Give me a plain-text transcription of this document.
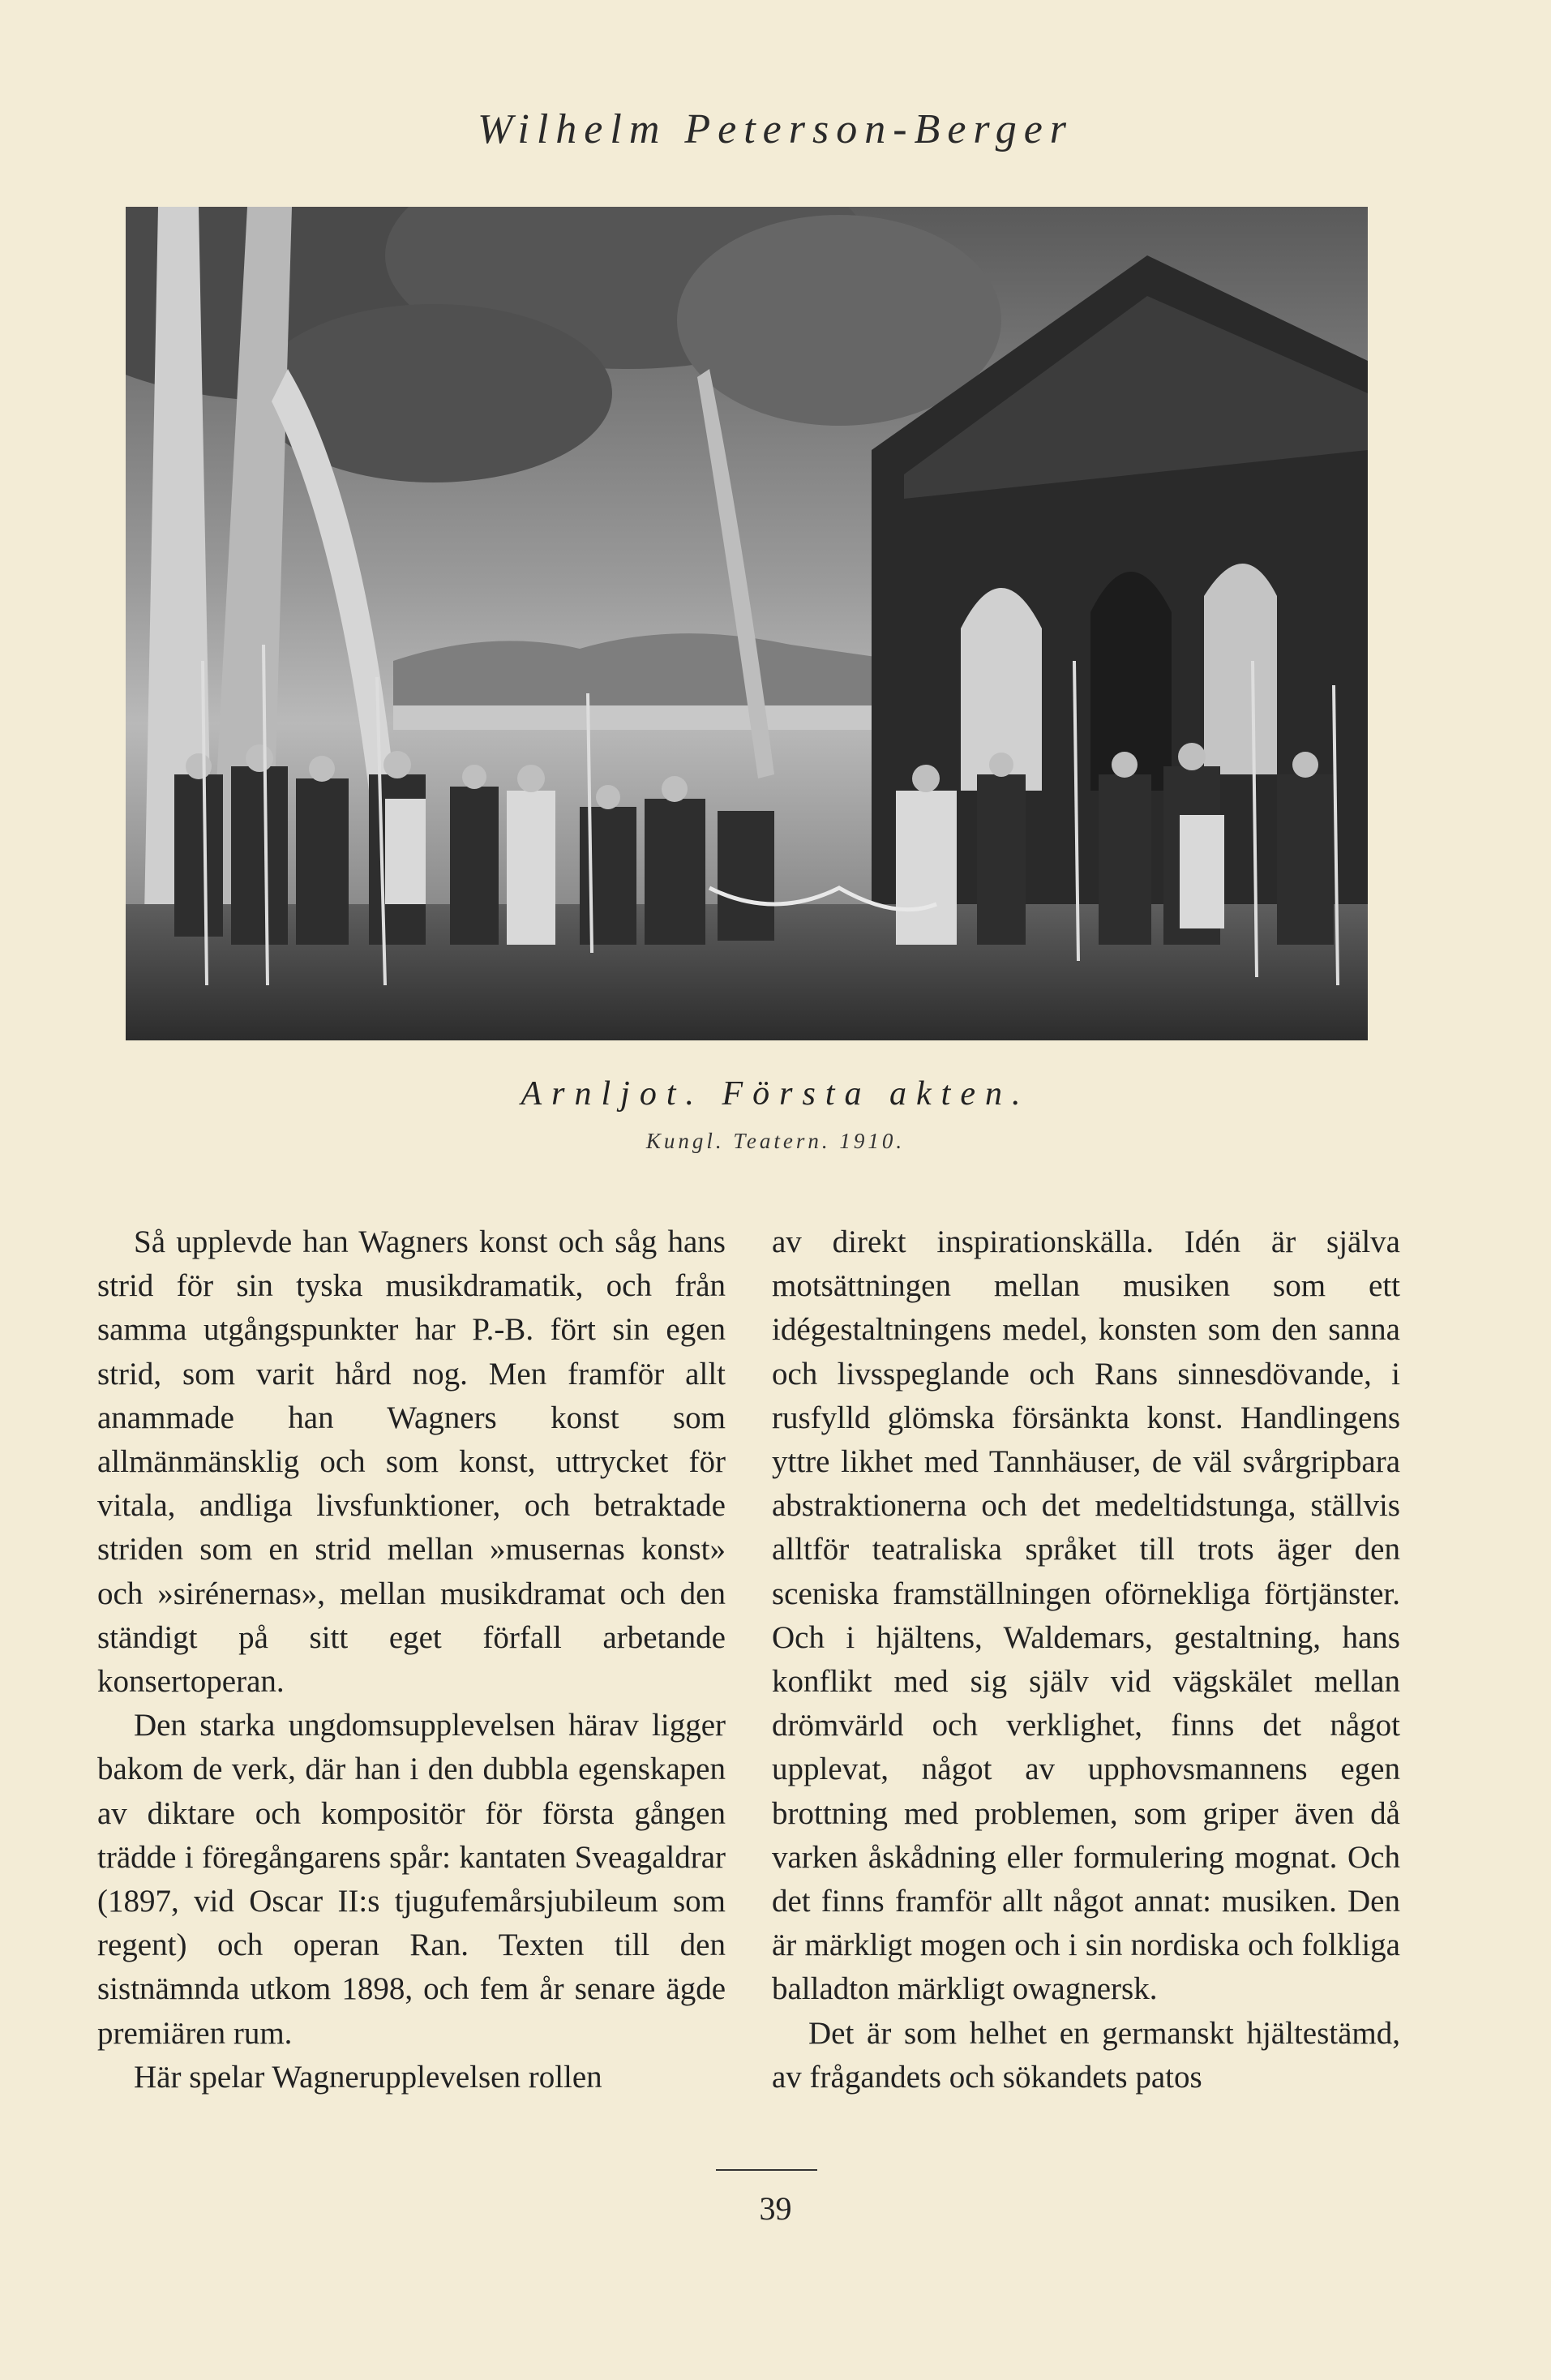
Wilhelm Peterson-Berger
Arnljot. Första akten.
Kungl. Teatern. 1910.

Så upplevde han Wagners konst och såg hans strid för sin tyska musikdramatik, och från samma utgångspunkter har P.-B. fört sin egen strid, som varit hård nog. Men framför allt anammade han Wagners konst som allmänmänsklig och som konst, uttrycket för vitala, andliga livsfunktioner, och betraktade striden som en strid mellan »musernas konst» och »sirénernas», mellan musikdramat och den ständigt på sitt eget förfall arbetande konsertoperan.

Den starka ungdomsupplevelsen härav ligger bakom de verk, där han i den dubbla egenskapen av diktare och kompositör för första gången trädde i föregångarens spår: kantaten Sveagaldrar (1897, vid Oscar II:s tjugufemårsjubileum som regent) och operan Ran. Texten till den sistnämnda utkom 1898, och fem år senare ägde premiären rum.

Här spelar Wagnerupplevelsen rollen

av direkt inspirationskälla. Idén är själva motsättningen mellan musiken som ett idégestaltningens medel, konsten som den sanna och livsspeglande och Rans sinnesdövande, i rusfylld glömska försänkta konst. Handlingens yttre likhet med Tannhäuser, de väl svårgripbara abstraktionerna och det medeltidstunga, ställvis alltför teatraliska språket till trots äger den sceniska framställningen oförnekliga förtjänster. Och i hjältens, Waldemars, gestaltning, hans konflikt med sig själv vid vägskälet mellan drömvärld och verklighet, finns det något upplevat, något av upphovsmannens egen brottning med problemen, som griper även då varken åskådning eller formulering mognat. Och det finns framför allt något annat: musiken. Den är märkligt mogen och i sin nordiska och folkliga balladton märkligt owagnersk.

Det är som helhet en germanskt hjältestämd, av frågandets och sökandets patos

39
